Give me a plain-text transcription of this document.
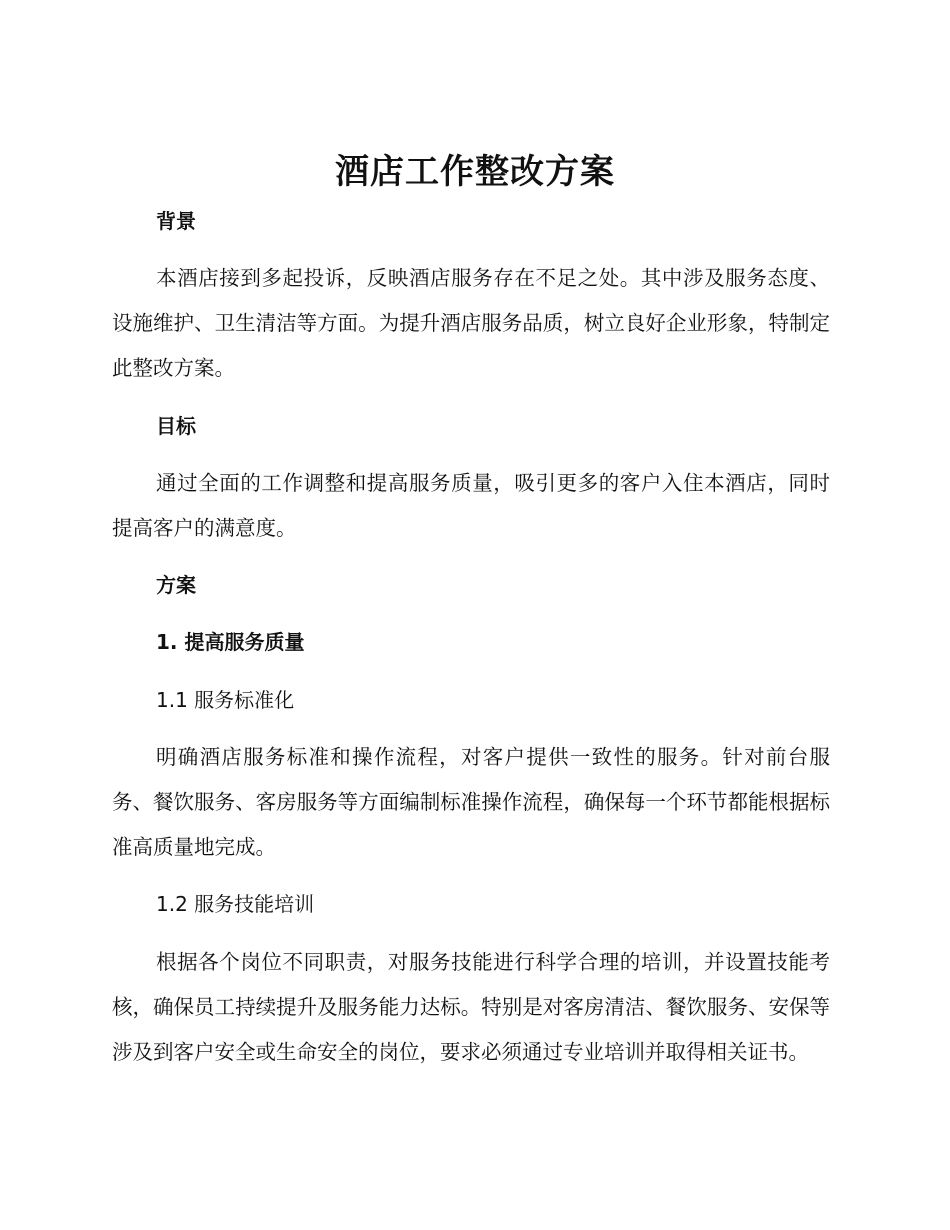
酒店工作整改方案
背景
本酒店接到多起投诉，反映酒店服务存在不足之处。其中涉及服务态度、设施维护、卫生清洁等方面。为提升酒店服务品质，树立良好企业形象，特制定此整改方案。
目标
通过全面的工作调整和提高服务质量，吸引更多的客户入住本酒店，同时提高客户的满意度。
方案
1. 提高服务质量
1.1 服务标准化
明确酒店服务标准和操作流程，对客户提供一致性的服务。针对前台服务、餐饮服务、客房服务等方面编制标准操作流程，确保每一个环节都能根据标准高质量地完成。
1.2 服务技能培训
根据各个岗位不同职责，对服务技能进行科学合理的培训，并设置技能考核，确保员工持续提升及服务能力达标。特别是对客房清洁、餐饮服务、安保等涉及到客户安全或生命安全的岗位，要求必须通过专业培训并取得相关证书。
